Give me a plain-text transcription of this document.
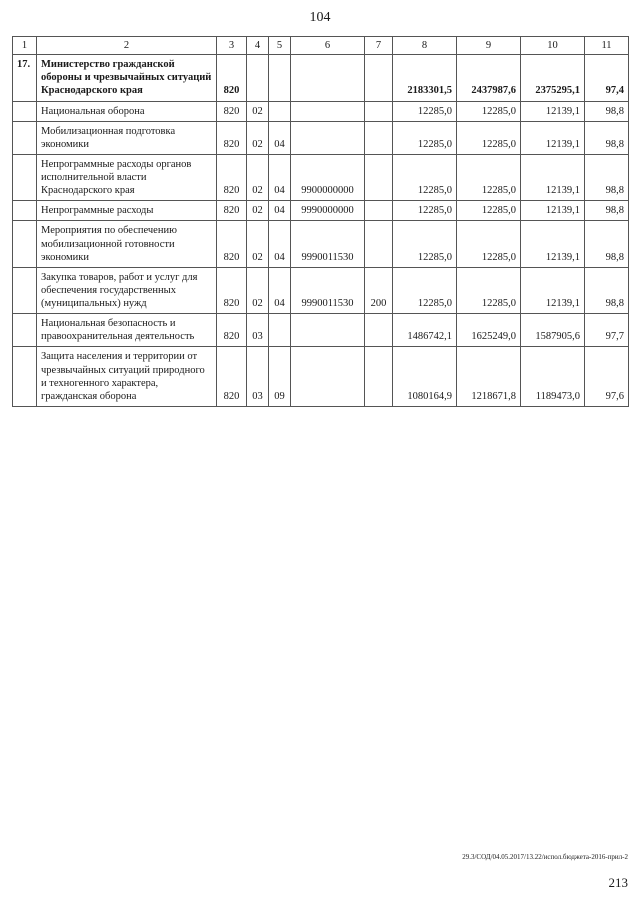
104
1	2	3	4	5	6	7	8	9	10	11
17.	Министерство гражданской обороны и чрезвычайных ситуаций Краснодарского края	820					2183301,5	2437987,6	2375295,1	97,4
	Национальная оборона	820	02				12285,0	12285,0	12139,1	98,8
	Мобилизационная подготовка экономики	820	02	04			12285,0	12285,0	12139,1	98,8
	Непрограммные расходы органов исполнительной власти Краснодарского края	820	02	04	9900000000		12285,0	12285,0	12139,1	98,8
	Непрограммные расходы	820	02	04	9990000000		12285,0	12285,0	12139,1	98,8
	Мероприятия по обеспечению мобилизационной готовности экономики	820	02	04	9990011530		12285,0	12285,0	12139,1	98,8
	Закупка товаров, работ и услуг для обеспечения государственных (муниципальных) нужд	820	02	04	9990011530	200	12285,0	12285,0	12139,1	98,8
	Национальная безопасность и правоохранительная деятельность	820	03				1486742,1	1625249,0	1587905,6	97,7
	Защита населения и территории от чрезвычайных ситуаций природного и техногенного характера, гражданская оборона	820	03	09			1080164,9	1218671,8	1189473,0	97,6
29.3/СОД/04.05.2017/13.22/испол.бюджета-2016-прил-2
213
